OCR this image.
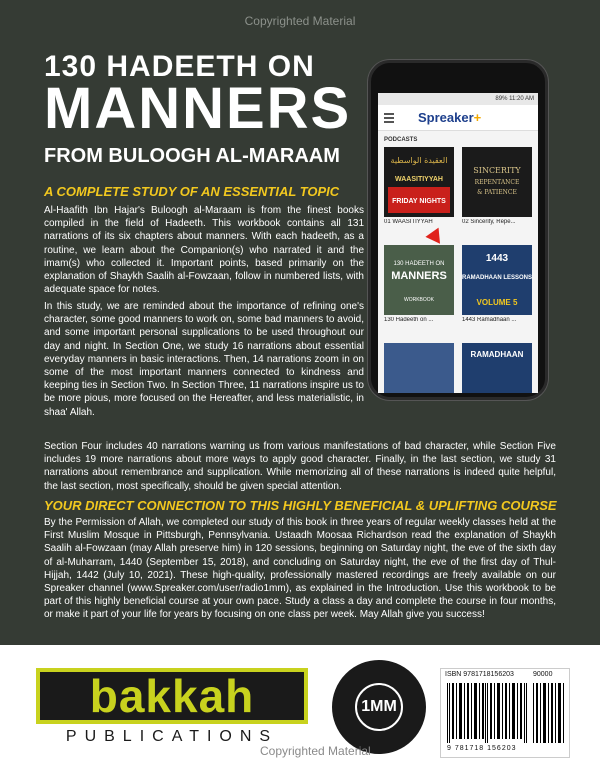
Copyrighted Material
130 HADEETH ON
MANNERS
FROM BULOOGH AL-MARAAM
A COMPLETE STUDY OF AN ESSENTIAL TOPIC
Al-Haafith Ibn Hajar's Buloogh al-Maraam is from the finest books compiled in the field of Hadeeth. This workbook contains all 131 narrations of its six chapters about manners. With each hadeeth, as a routine, we learn about the Companion(s) who narrated it and the imam(s) who collected it. Important points, based primarily on the explanation of Shaykh Saalih al-Fowzaan, follow in numbered lists, with adequate space for notes.
In this study, we are reminded about the importance of refining one's character, some good manners to work on, some bad manners to avoid, and some important personal supplications to be used throughout our day and night. In Section One, we study 16 narrations about essential everyday manners in basic interactions. Then, 14 narrations zoom in on some of the most important manners connected to kindness and keeping ties in Section Two. In Section Three, 11 narrations inspire us to be more pious, more focused on the Hereafter, and less materialistic, in shaa' Allah.
Section Four includes 40 narrations warning us from various manifestations of bad character, while Section Five includes 19 more narrations about more ways to apply good character. Finally, in the last section, we study 31 narrations about remembrance and supplication. While memorizing all of these narrations is indeed quite helpful, the last section, most specifically, should be given special attention.
YOUR DIRECT CONNECTION TO THIS HIGHLY BENEFICIAL & UPLIFTING COURSE
By the Permission of Allah, we completed our study of this book in three years of regular weekly classes held at the First Muslim Mosque in Pittsburgh, Pennsylvania. Ustaadh Moosaa Richardson read the explanation of Shaykh Saalih al-Fowzaan (may Allah preserve him) in 120 sessions, beginning on Saturday night, the eve of the sixth day of al-Muharram, 1440 (September 15, 2018), and concluding on Saturday night, the eve of the first day of Thul-Hijjah, 1442 (July 10, 2021). These high-quality, professionally mastered recordings are freely available on our Spreaker channel (www.Spreaker.com/user/radio1mm), as explained in the Introduction. Use this workbook to be part of this highly beneficial course at your own pace. Study a class a day and complete the course in four months, or make it part of your life for years by focusing on one class per week. May Allah give you success!
89% 11:20 AM
Spreaker+
PODCASTS
العقيدة الواسطية
WAASITIYYAH
FRIDAY NIGHTS
01 WAASITIYYAH
SINCERITY
REPENTANCE
& PATIENCE
02 Sincerity, Repe...
130 HADEETH ON
MANNERS
WORKBOOK
130 Hadeeth on ...
1443
RAMADHAAN LESSONS
VOLUME 5
1443 Ramadhaan ...
RAMADHAAN
bakkah
PUBLICATIONS
1MM
Copyrighted Material
ISBN 9781718156203	90000
9 781718 156203
